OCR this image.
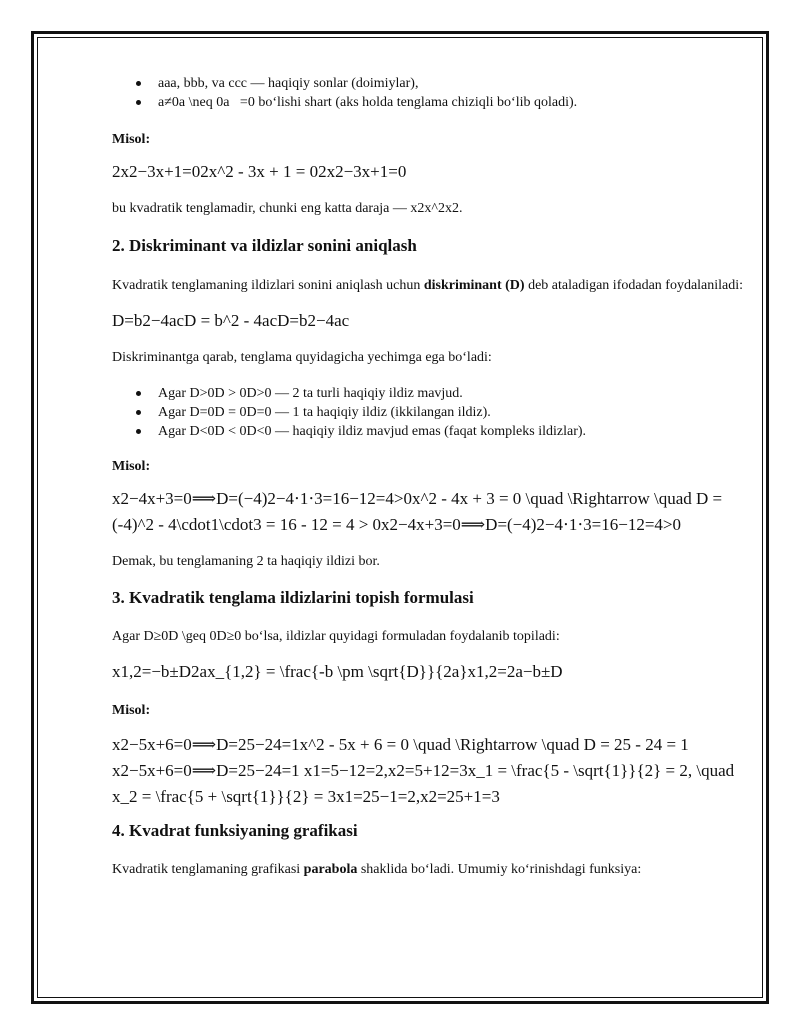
aaa, bbb, va ccc — haqiqiy sonlar (doimiylar),
a≠0a \neq 0a   =0 bo‘lishi shart (aks holda tenglama chiziqli bo‘lib qoladi).
Misol:
2x2−3x+1=02x^2 - 3x + 1 = 02x2−3x+1=0
bu kvadratik tenglamadir, chunki eng katta daraja — x2x^2x2.
2. Diskriminant va ildizlar sonini aniqlash
Kvadratik tenglamaning ildizlari sonini aniqlash uchun diskriminant (D) deb ataladigan ifodadan foydalaniladi:
D=b2−4acD = b^2 - 4acD=b2−4ac
Diskriminantga qarab, tenglama quyidagicha yechimga ega bo‘ladi:
Agar D>0D > 0D>0 — 2 ta turli haqiqiy ildiz mavjud.
Agar D=0D = 0D=0 — 1 ta haqiqiy ildiz (ikkilangan ildiz).
Agar D<0D < 0D<0 — haqiqiy ildiz mavjud emas (faqat kompleks ildizlar).
Misol:
x2−4x+3=0⟹D=(−4)2−4⋅1⋅3=16−12=4>0x^2 - 4x + 3 = 0 \quad \Rightarrow \quad D = (-4)^2 - 4\cdot1\cdot3 = 16 - 12 = 4 > 0x2−4x+3=0⟹D=(−4)2−4⋅1⋅3=16−12=4>0
Demak, bu tenglamaning 2 ta haqiqiy ildizi bor.
3. Kvadratik tenglama ildizlarini topish formulasi
Agar D≥0D \geq 0D≥0 bo‘lsa, ildizlar quyidagi formuladan foydalanib topiladi:
x1,2=−b±D2ax_{1,2} = \frac{-b \pm \sqrt{D}}{2a}x1,2=2a−b±D
Misol:
x2−5x+6=0⟹D=25−24=1x^2 - 5x + 6 = 0 \quad \Rightarrow \quad D = 25 - 24 = 1 x2−5x+6=0⟹D=25−24=1 x1=5−12=2,x2=5+12=3x_1 = \frac{5 - \sqrt{1}}{2} = 2, \quad x_2 = \frac{5 + \sqrt{1}}{2} = 3x1=25−1=2,x2=25+1=3
4. Kvadrat funksiyaning grafikasi
Kvadratik tenglamaning grafikasi parabola shaklida bo‘ladi. Umumiy ko‘rinishdagi funksiya:
